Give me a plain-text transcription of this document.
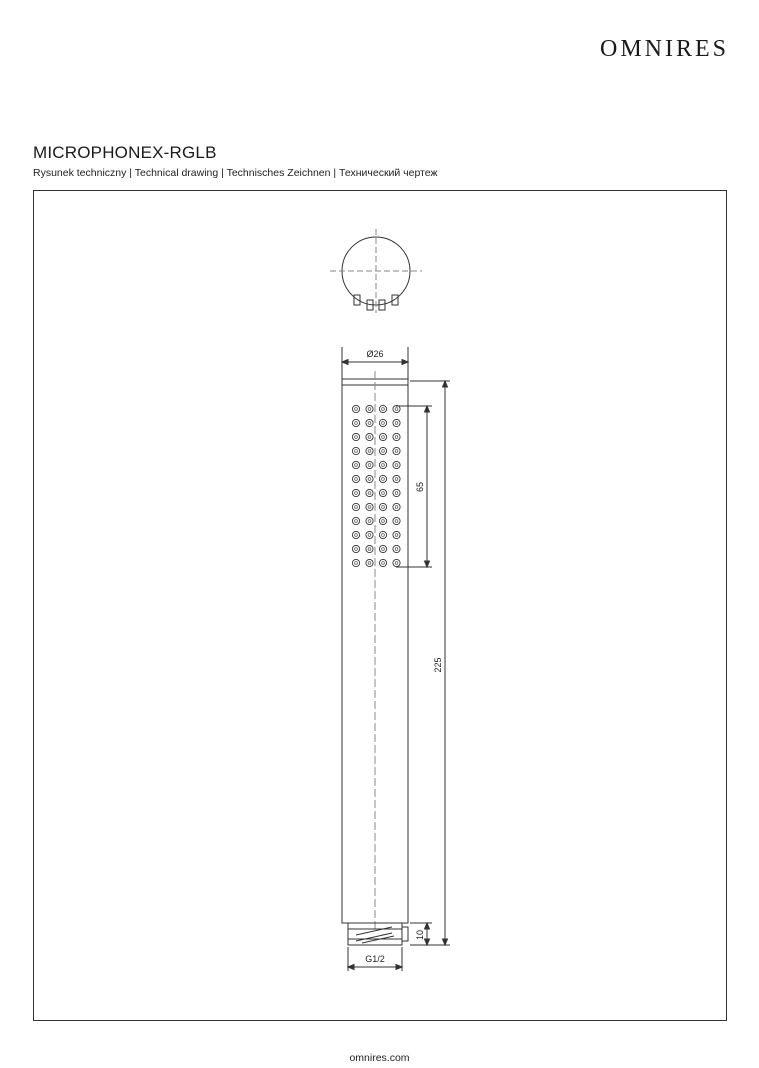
OMNIRES
MICROPHONEX-RGLB
Rysunek techniczny | Technical drawing | Technisches Zeichnen | Технический чертеж
Ø26
65
225
10
G1/2
omnires.com
